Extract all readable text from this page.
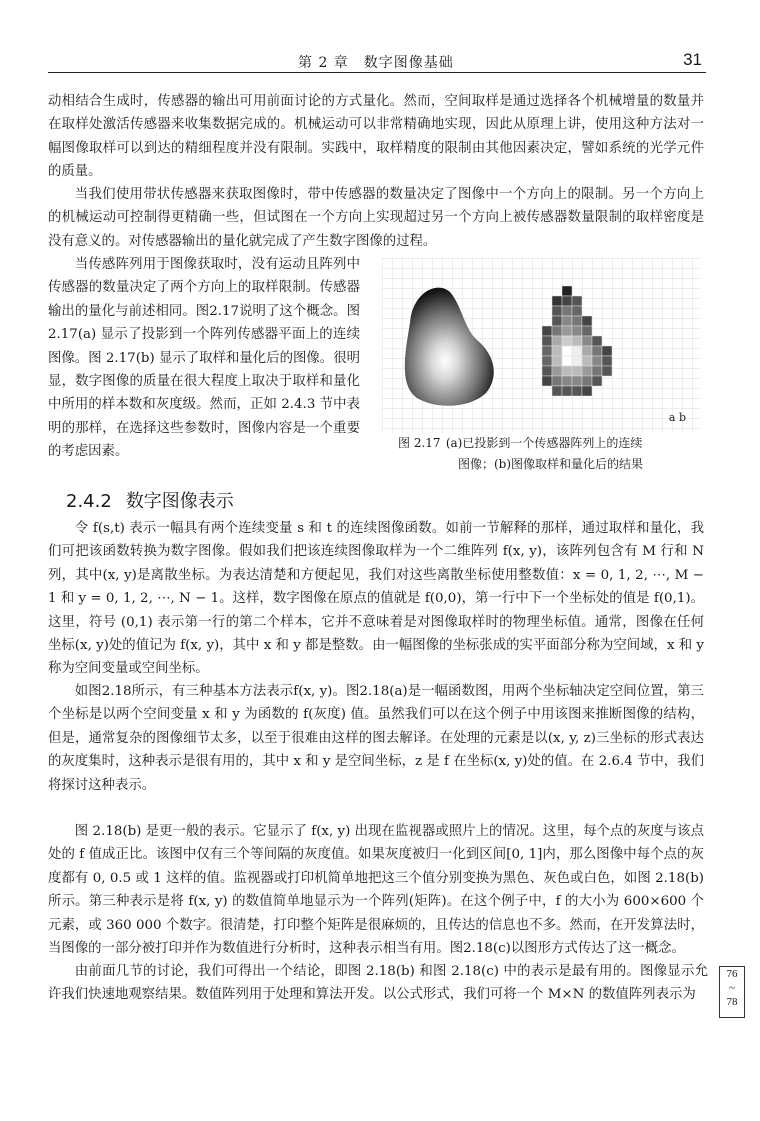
第 2 章　数字图像基础	31

动相结合生成时，传感器的输出可用前面讨论的方式量化。然而，空间取样是通过选择各个机械增量的数量并在取样处激活传感器来收集数据完成的。机械运动可以非常精确地实现，因此从原理上讲，使用这种方法对一幅图像取样可以到达的精细程度并没有限制。实践中，取样精度的限制由其他因素决定，譬如系统的光学元件的质量。

当我们使用带状传感器来获取图像时，带中传感器的数量决定了图像中一个方向上的限制。另一个方向上的机械运动可控制得更精确一些，但试图在一个方向上实现超过另一个方向上被传感器数量限制的取样密度是没有意义的。对传感器输出的量化就完成了产生数字图像的过程。

当传感阵列用于图像获取时，没有运动且阵列中传感器的数量决定了两个方向上的取样限制。传感器输出的量化与前述相同。图2.17说明了这个概念。图 2.17(a) 显示了投影到一个阵列传感器平面上的连续图像。图 2.17(b) 显示了取样和量化后的图像。很明显，数字图像的质量在很大程度上取决于取样和量化中所用的样本数和灰度级。然而，正如 2.4.3 节中表明的那样，在选择这些参数时，图像内容是一个重要的考虑因素。

a b
图 2.17 (a)已投影到一个传感器阵列上的连续
图像；(b)图像取样和量化后的结果
2.4.2 数字图像表示

令 f(s,t) 表示一幅具有两个连续变量 s 和 t 的连续图像函数。如前一节解释的那样，通过取样和量化，我们可把该函数转换为数字图像。假如我们把该连续图像取样为一个二维阵列 f(x, y)，该阵列包含有 M 行和 N 列，其中(x, y)是离散坐标。为表达清楚和方便起见，我们对这些离散坐标使用整数值：x = 0, 1, 2, ⋯, M − 1 和 y = 0, 1, 2, ⋯, N − 1。这样，数字图像在原点的值就是 f(0,0)，第一行中下一个坐标处的值是 f(0,1)。这里，符号 (0,1) 表示第一行的第二个样本，它并不意味着是对图像取样时的物理坐标值。通常，图像在任何坐标(x, y)处的值记为 f(x, y)，其中 x 和 y 都是整数。由一幅图像的坐标张成的实平面部分称为空间域，x 和 y 称为空间变量或空间坐标。

如图2.18所示，有三种基本方法表示f(x, y)。图2.18(a)是一幅函数图，用两个坐标轴决定空间位置，第三个坐标是以两个空间变量 x 和 y 为函数的 f(灰度) 值。虽然我们可以在这个例子中用该图来推断图像的结构，但是，通常复杂的图像细节太多，以至于很难由这样的图去解译。在处理的元素是以(x, y, z)三坐标的形式表达的灰度集时，这种表示是很有用的，其中 x 和 y 是空间坐标，z 是 f 在坐标(x, y)处的值。在 2.6.4 节中，我们将探讨这种表示。

图 2.18(b) 是更一般的表示。它显示了 f(x, y) 出现在监视器或照片上的情况。这里，每个点的灰度与该点处的 f 值成正比。该图中仅有三个等间隔的灰度值。如果灰度被归一化到区间[0, 1]内，那么图像中每个点的灰度都有 0, 0.5 或 1 这样的值。监视器或打印机简单地把这三个值分别变换为黑色、灰色或白色，如图 2.18(b) 所示。第三种表示是将 f(x, y) 的数值简单地显示为一个阵列(矩阵)。在这个例子中，f 的大小为 600×600 个元素，或 360 000 个数字。很清楚，打印整个矩阵是很麻烦的，且传达的信息也不多。然而，在开发算法时，当图像的一部分被打印并作为数值进行分析时，这种表示相当有用。图2.18(c)以图形方式传达了这一概念。

由前面几节的讨论，我们可得出一个结论，即图 2.18(b) 和图 2.18(c) 中的表示是最有用的。图像显示允许我们快速地观察结果。数值阵列用于处理和算法开发。以公式形式，我们可将一个 M×N 的数值阵列表示为

76
~
78
